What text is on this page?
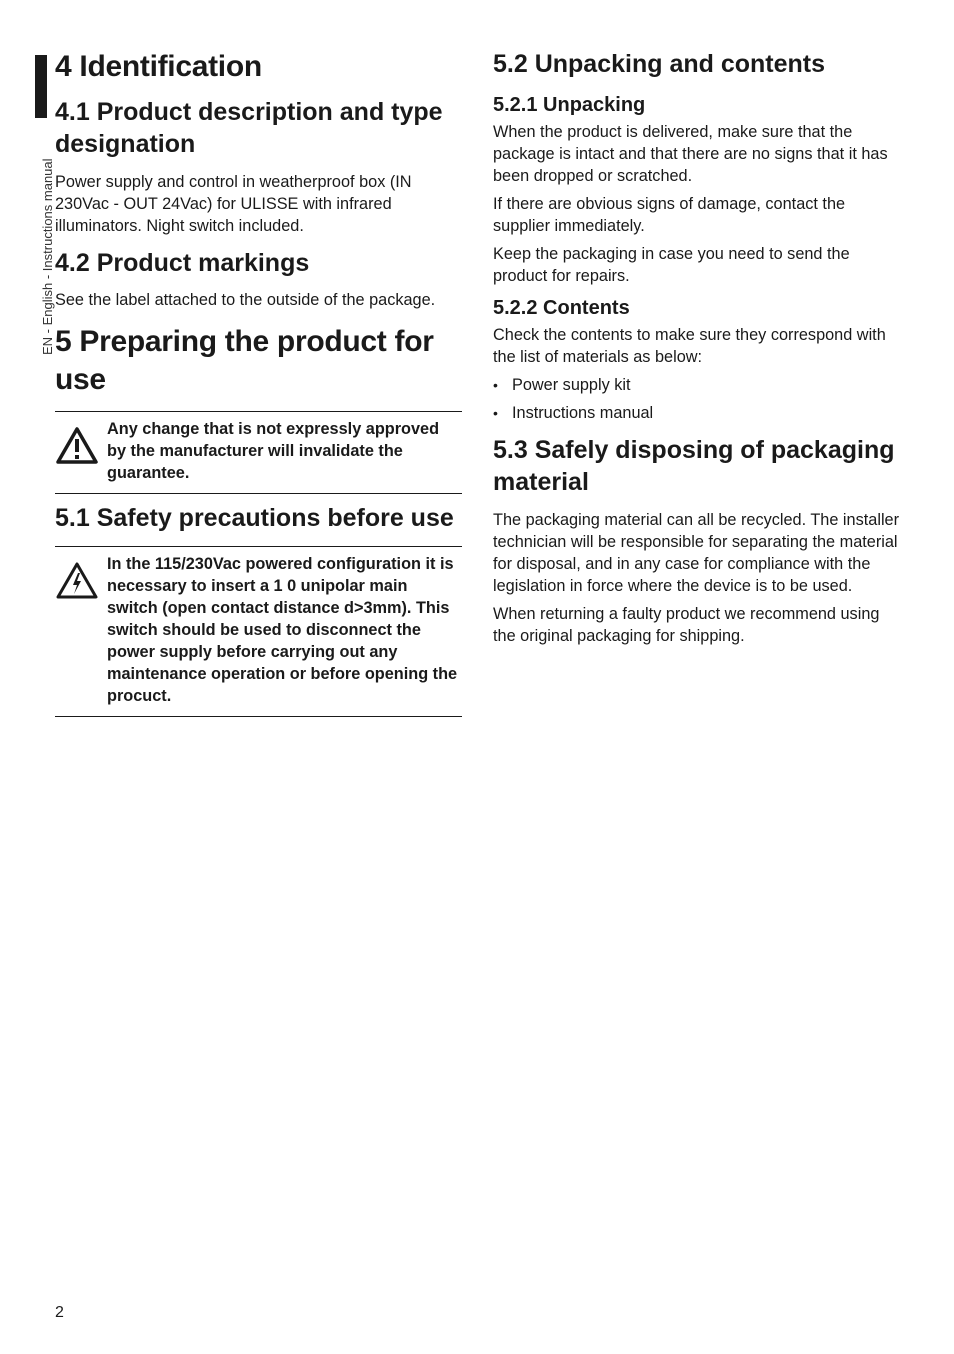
EN - English - Instructions manual
4 Identification
4.1 Product description and type designation

Power supply and control in weatherproof box (IN 230Vac - OUT 24Vac) for ULISSE with infrared illuminators. Night switch included.

4.2 Product markings

See the label attached to the outside of the package.

5 Preparing the product for use
Any change that is not expressly approved by the manufacturer will invalidate the guarantee.
5.1 Safety precautions before use
In the 115/230Vac powered configuration it is necessary to insert a 1 0 unipolar main switch (open contact distance d>3mm). This switch should be used to disconnect the power supply before carrying out any maintenance operation or before opening the procuct.
5.2 Unpacking and contents
5.2.1 Unpacking

When the product is delivered, make sure that the package is intact and that there are no signs that it has been dropped or scratched.

If there are obvious signs of damage, contact the supplier immediately.

Keep the packaging in case you need to send the product for repairs.

5.2.2 Contents

Check the contents to make sure they correspond with the list of materials as below:

• Power supply kit
• Instructions manual
5.3 Safely disposing of packaging material

The packaging material can all be recycled. The installer technician will be responsible for separating the material for disposal, and in any case for compliance with the legislation in force where the device is to be used.

When returning a faulty product we recommend using the original packaging for shipping.

2
